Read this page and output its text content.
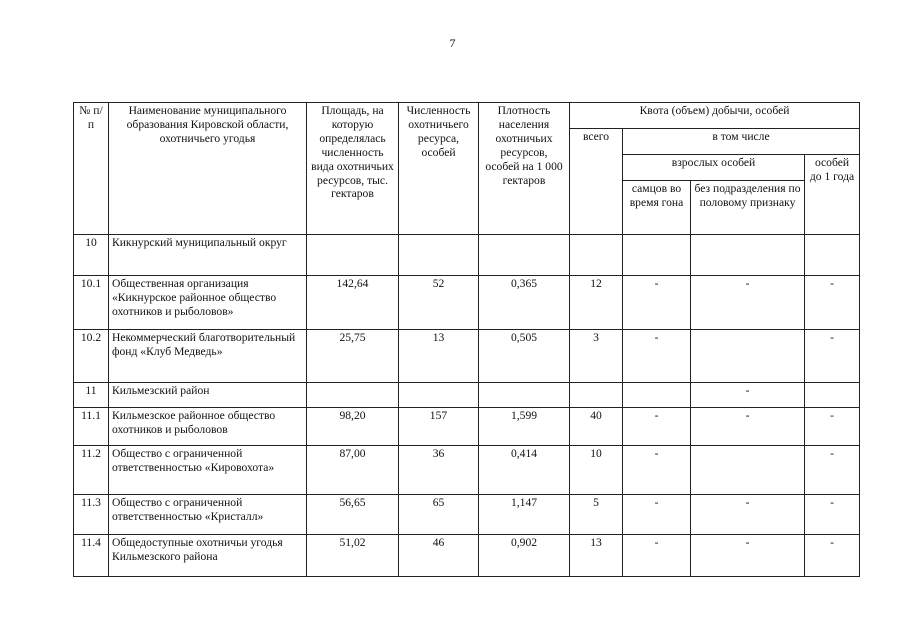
7
№ п/п	Наименование муниципального образования Кировской области, охотничьего угодья	Площадь, на которую определялась численность вида охотничьих ресурсов, тыс. гектаров	Численность охотничьего ресурса, особей	Плотность населения охотничьих ресурсов, особей на 1 000 гектаров	Квота (объем) добычи, особей			
					всего	в том числе		
						взрослых особей		особей до 1 года
						самцов во время гона	без подразделения по половому признаку	
10	Кикнурский муниципальный округ							
10.1	Общественная организация «Кикнурское районное общество охотников и рыболовов»	142,64	52	0,365	12	-	-	-
10.2	Некоммерческий благотворительный фонд «Клуб Медведь»	25,75	13	0,505	3	-		-
11	Кильмезский район						-	
11.1	Кильмезское районное общество охотников и рыболовов	98,20	157	1,599	40	-	-	-
11.2	Общество с ограниченной ответственностью «Кировохота»	87,00	36	0,414	10	-		-
11.3	Общество с ограниченной ответственностью «Кристалл»	56,65	65	1,147	5	-	-	-
11.4	Общедоступные охотничьи угодья Кильмезского района	51,02	46	0,902	13	-	-	-
